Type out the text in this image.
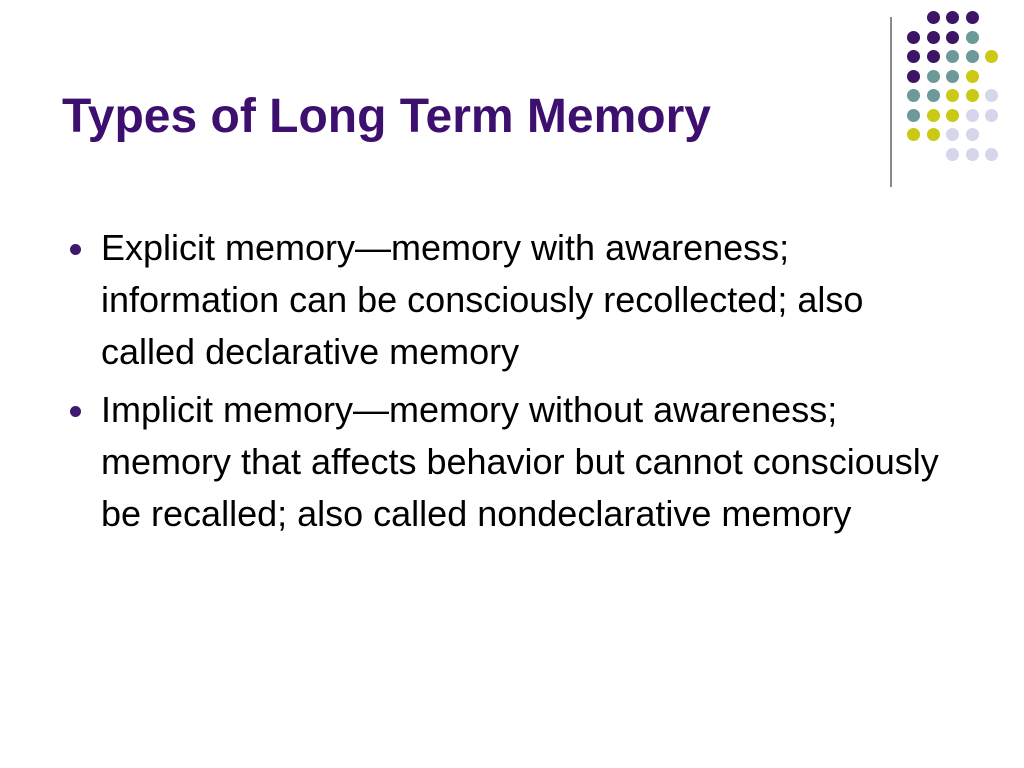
Types of Long Term Memory
Explicit memory—memory with awareness; information can be consciously recollected; also called declarative memory
Implicit memory—memory without awareness; memory that affects behavior but cannot consciously be recalled; also called nondeclarative memory
